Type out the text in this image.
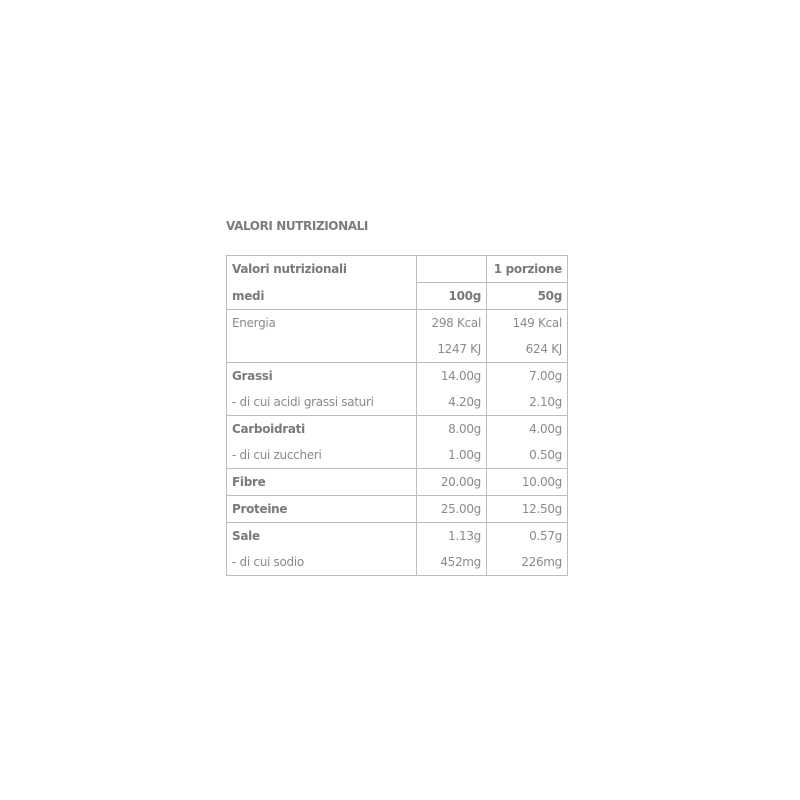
VALORI NUTRIZIONALI
Valori nutrizionali		1 porzione
medi	100g	50g
Energia	298 Kcal	149 Kcal
	1247 KJ	624 KJ
Grassi	14.00g	7.00g
- di cui acidi grassi saturi	4.20g	2.10g
Carboidrati	8.00g	4.00g
- di cui zuccheri	1.00g	0.50g
Fibre	20.00g	10.00g
Proteine	25.00g	12.50g
Sale	1.13g	0.57g
- di cui sodio	452mg	226mg
